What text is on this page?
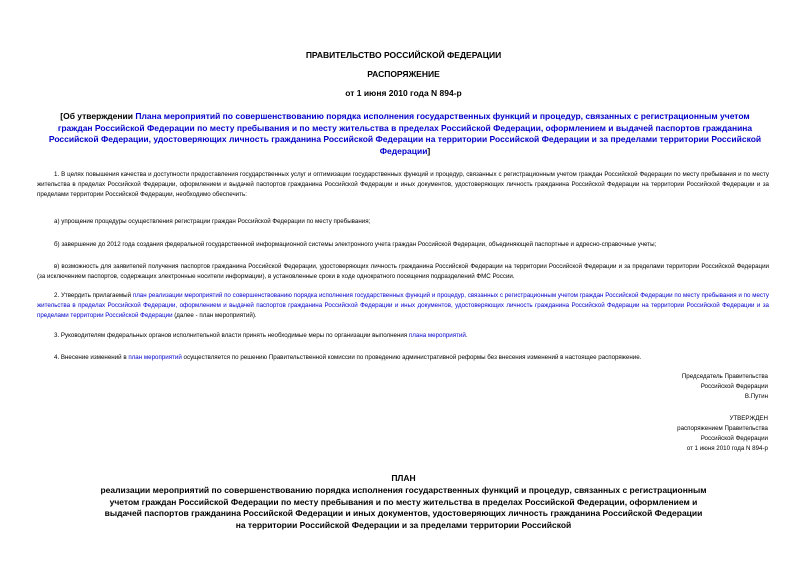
ПРАВИТЕЛЬСТВО РОССИЙСКОЙ ФЕДЕРАЦИИ
РАСПОРЯЖЕНИЕ
от 1 июня 2010 года N 894-р
[Об утверждении Плана мероприятий по совершенствованию порядка исполнения государственных функций и процедур, связанных с регистрационным учетом граждан Российской Федерации по месту пребывания и по месту жительства в пределах Российской Федерации, оформлением и выдачей паспортов гражданина Российской Федерации, удостоверяющих личность гражданина Российской Федерации на территории Российской Федерации и за пределами территории Российской Федерации]

1. В целях повышения качества и доступности предоставления государственных услуг и оптимизации государственных функций и процедур, связанных с регистрационным учетом граждан Российской Федерации по месту пребывания и по месту жительства в пределах Российской Федерации, оформлением и выдачей паспортов гражданина Российской Федерации и иных документов, удостоверяющих личность гражданина Российской Федерации на территории Российской Федерации и за пределами территории Российской Федерации, необходимо обеспечить:

а) упрощение процедуры осуществления регистрации граждан Российской Федерации по месту пребывания;

б) завершение до 2012 года создания федеральной государственной информационной системы электронного учета граждан Российской Федерации, объединяющей паспортные и адресно-справочные учеты;

в) возможность для заявителей получения паспортов гражданина Российской Федерации, удостоверяющих личность гражданина Российской Федерации на территории Российской Федерации и за пределами территории Российской Федерации (за исключением паспортов, содержащих электронные носители информации), в установленные сроки в ходе однократного посещения подразделений ФМС России.

2. Утвердить прилагаемый план реализации мероприятий по совершенствованию порядка исполнения государственных функций и процедур, связанных с регистрационным учетом граждан Российской Федерации по месту пребывания и по месту жительства в пределах Российской Федерации, оформлением и выдачей паспортов гражданина Российской Федерации и иных документов, удостоверяющих личность гражданина Российской Федерации на территории Российской Федерации и за пределами территории Российской Федерации (далее - план мероприятий).

3. Руководителям федеральных органов исполнительной власти принять необходимые меры по организации выполнения плана мероприятий.

4. Внесение изменений в план мероприятий осуществляется по решению Правительственной комиссии по проведению административной реформы без внесения изменений в настоящее распоряжение.

Председатель Правительства
Российской Федерации
В.Путин
УТВЕРЖДЕН
распоряжением Правительства
Российской Федерации
от 1 июня 2010 года N 894-р
ПЛАН
реализации мероприятий по совершенствованию порядка исполнения государственных функций и процедур, связанных с регистрационным учетом граждан Российской Федерации по месту пребывания и по месту жительства в пределах Российской Федерации, оформлением и выдачей паспортов гражданина Российской Федерации и иных документов, удостоверяющих личность гражданина Российской Федерации на территории Российской Федерации и за пределами территории Российской
